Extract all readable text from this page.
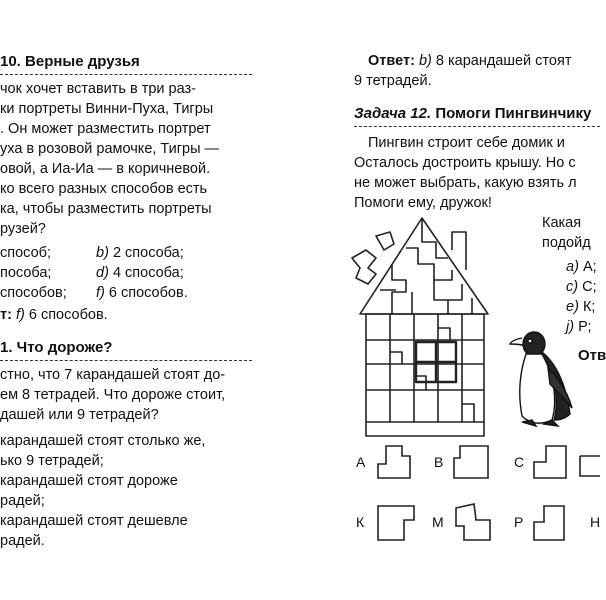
10. Верные друзья
чок хочет вставить в три раз-
ки портреты Винни-Пуха, Тигры
. Он может разместить портрет
уха в розовой рамочке, Тигры —
овой, а Иа-Иа — в коричневой.
ко всего разных способов есть
ка, чтобы разместить портреты
рузей?
способ;	b) 2 способа;
пособа;	d) 4 способа;
способов; f) 6 способов.
т: f) 6 способов.
1. Что дороже?
стно, что 7 карандашей стоят до-
ем 8 тетрадей. Что дороже стоит,
дашей или 9 тетрадей?
карандашей стоят столько же,
ько 9 тетрадей;
карандашей стоят дороже
радей;
карандашей стоят дешевле
радей.
Ответ: b) 8 карандашей стоят
9 тетрадей.
Задача 12. Помоги Пингвинчику
Пингвин строит себе домик и
Осталось достроить крышу. Но с
не может выбрать, какую взять л
Помоги ему, дружок!
Какая
подойд
a) А;
c) С;
e) К;
j) Р;
Отв
А	В	С
К	М	Р	Н
